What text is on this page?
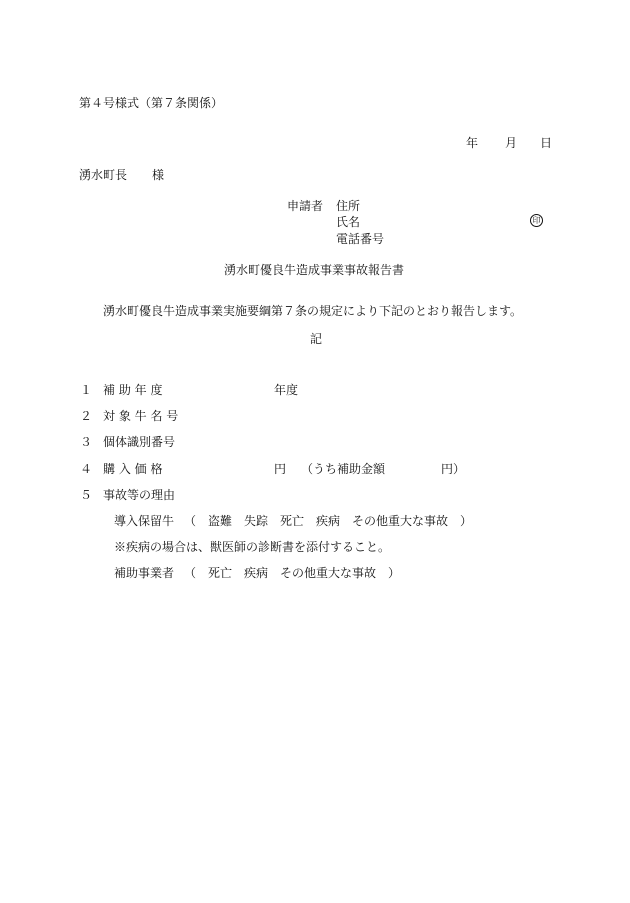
第４号様式（第７条関係）
年 月 日
湧水町長 様
申請者 住所
氏名	印
電話番号
湧水町優良牛造成事業事故報告書
湧水町優良牛造成事業実施要綱第７条の規定により下記のとおり報告します。
記
１ 補 助 年 度	年度
２ 対 象 牛 名 号
３ 個体識別番号
４ 購 入 価 格	円 （うち補助金額	円）
５ 事故等の理由
導入保留牛 （　盗難　失踪　死亡　疾病　その他重大な事故　）
※疾病の場合は、獣医師の診断書を添付すること。
補助事業者 （　死亡　疾病　その他重大な事故　）
